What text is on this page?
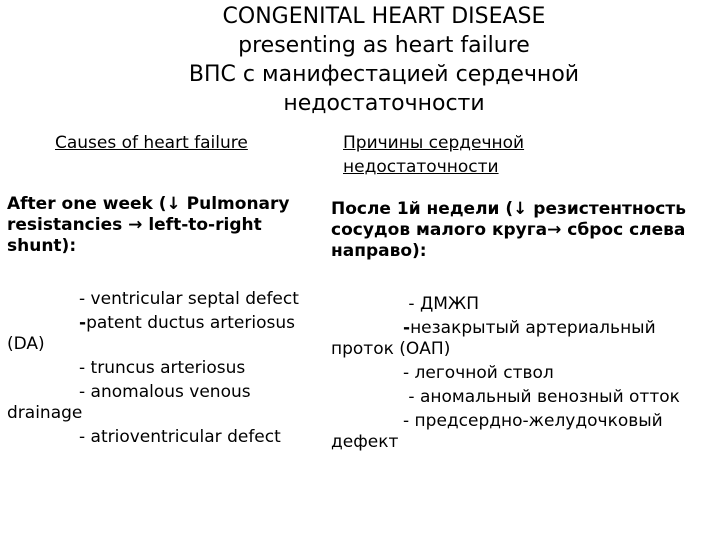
CONGENITAL HEART DISEASE
presenting as heart failure
ВПС с манифестацией сердечной
недостаточности
Causes of heart failure	Причины сердечной недостаточности
After one week (↓ Pulmonary resistancies → left-to-right shunt):
После 1й недели (↓ резистентность сосудов малого круга→ сброс слева направо):
- ventricular septal defect
-patent ductus arteriosus (DA)
- truncus arteriosus
- anomalous venous drainage
- atrioventricular defect
- ДМЖП
-незакрытый артериальный проток (ОАП)
- легочной ствол
- аномальный венозный отток
- предсердно-желудочковый дефект
